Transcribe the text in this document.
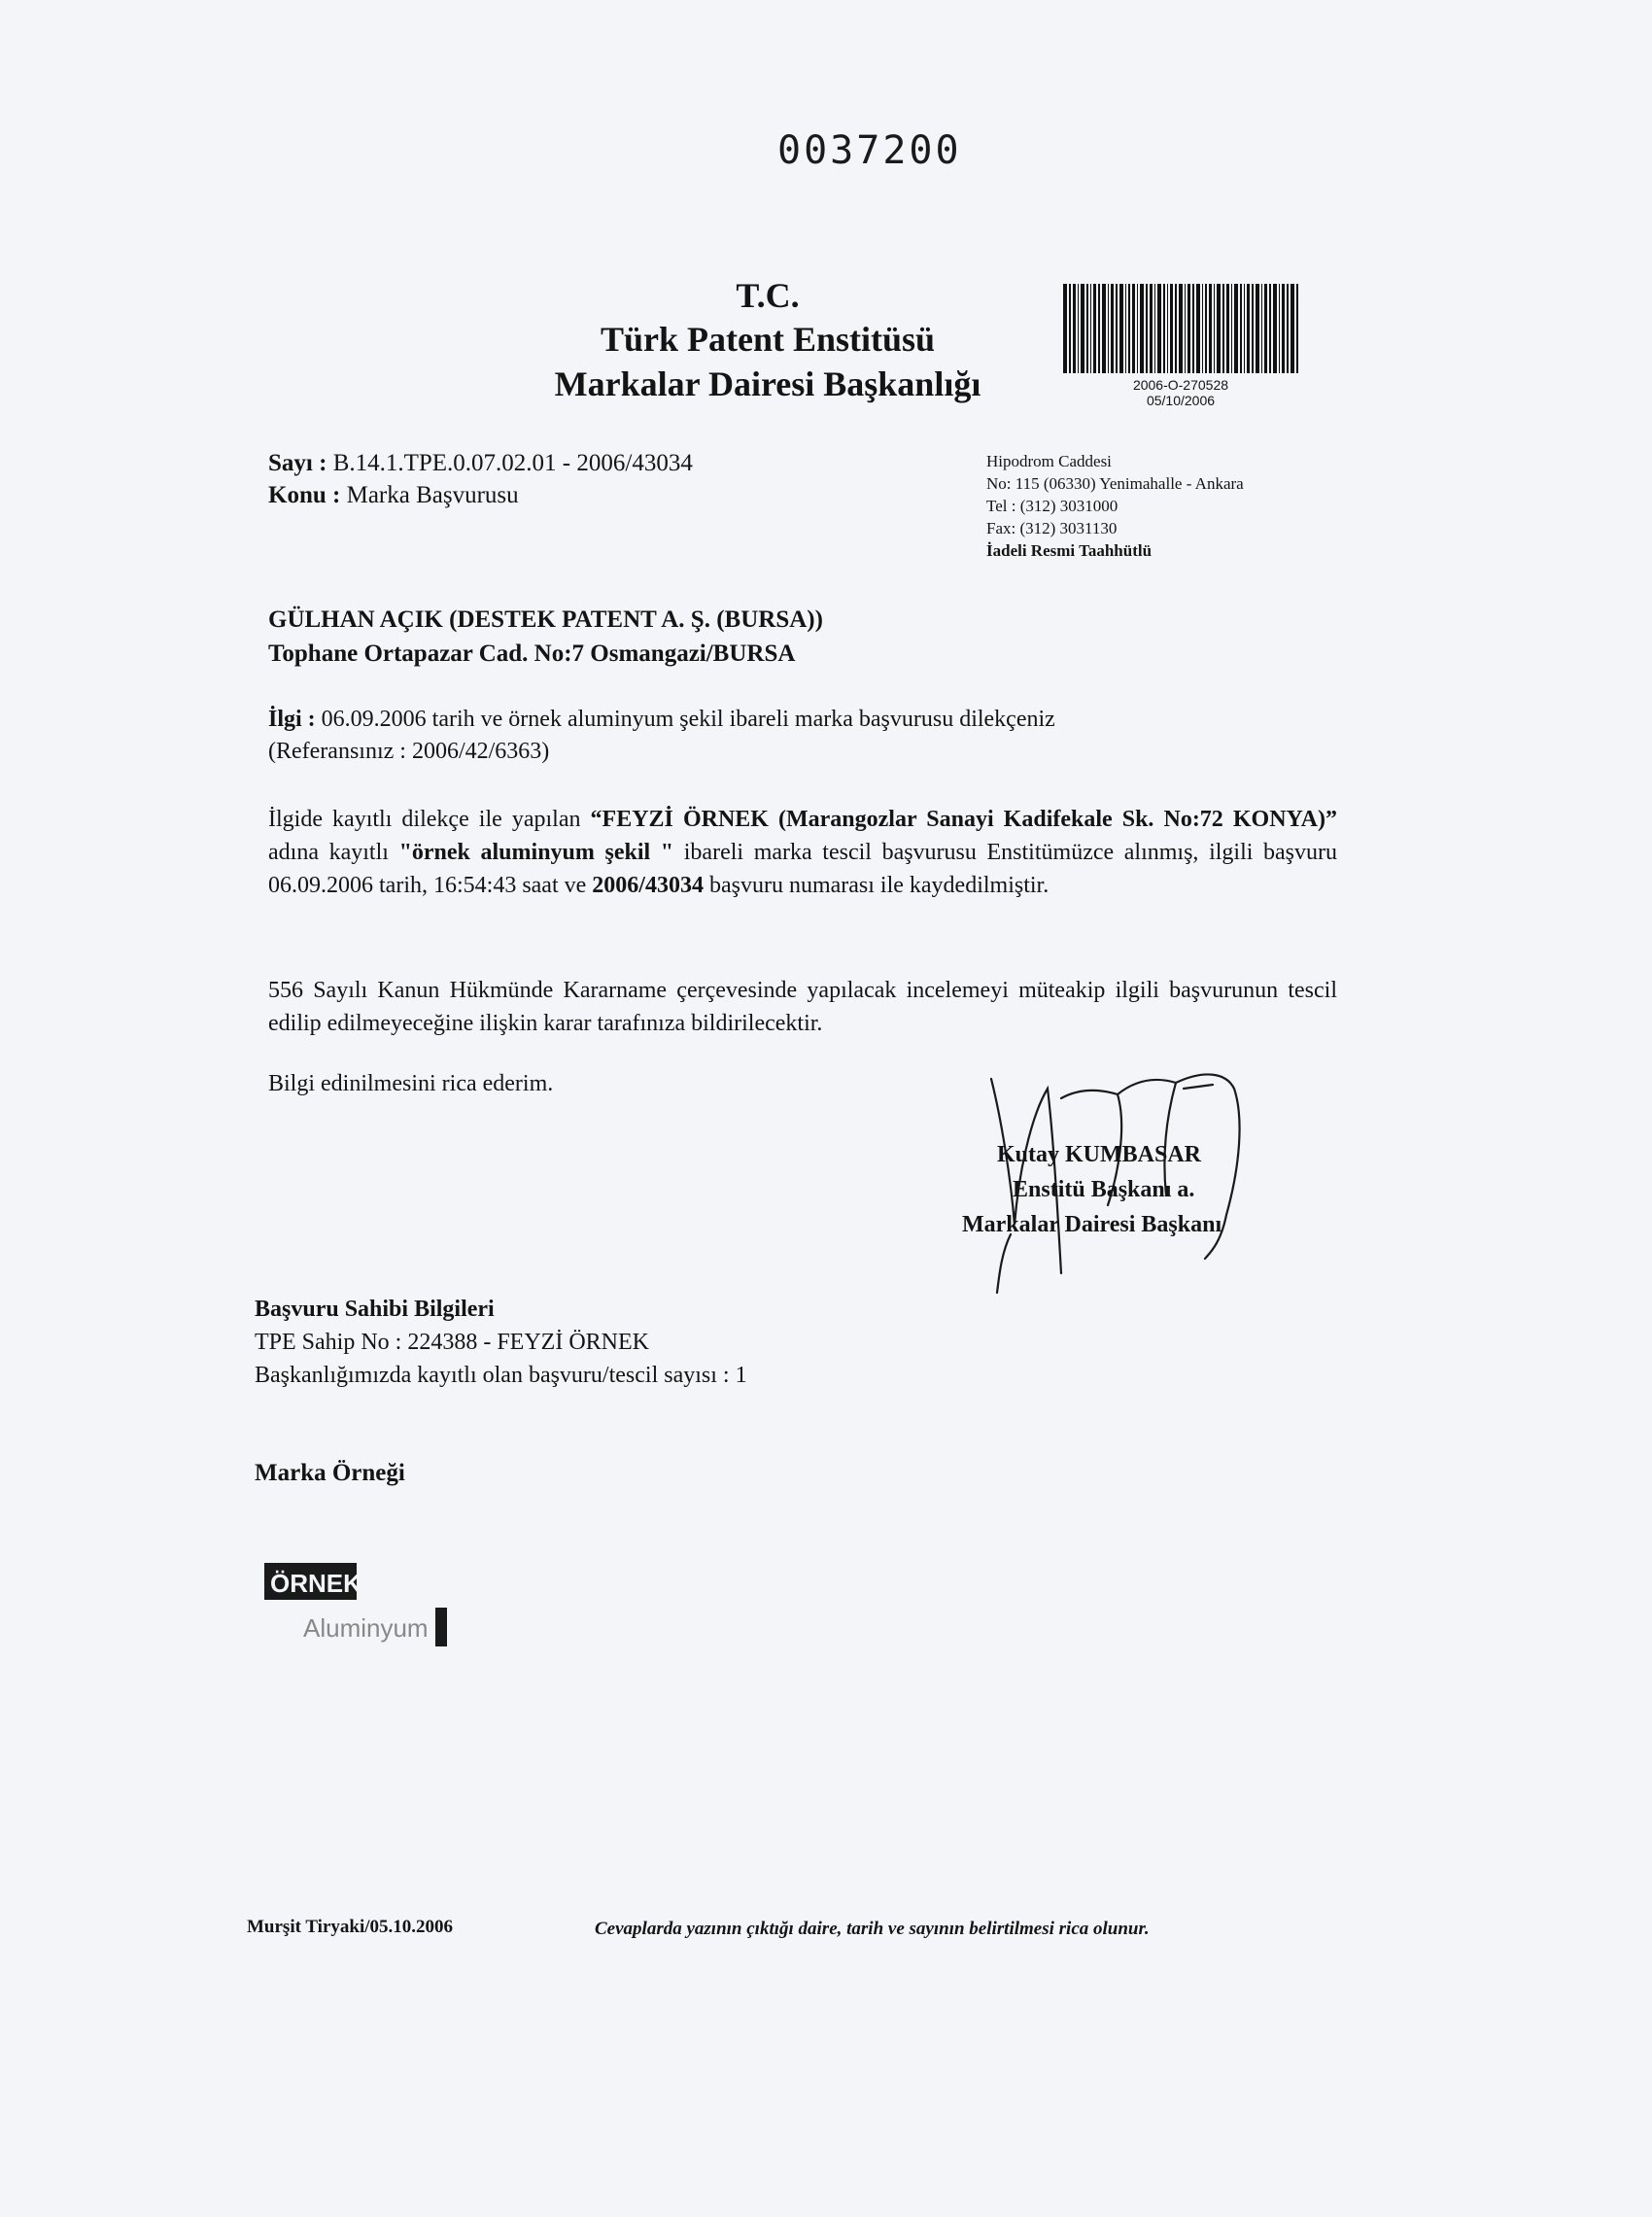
0037200
T.C.
Türk Patent Enstitüsü
Markalar Dairesi Başkanlığı	2006-O-270528
05/10/2006
Sayı : B.14.1.TPE.0.07.02.01 - 2006/43034
Konu : Marka Başvurusu
Hipodrom Caddesi
No: 115 (06330) Yenimahalle - Ankara
Tel : (312) 3031000
Fax: (312) 3031130
İadeli Resmi Taahhütlü
GÜLHAN AÇIK (DESTEK PATENT A. Ş. (BURSA))
Tophane Ortapazar Cad. No:7 Osmangazi/BURSA
İlgi : 06.09.2006 tarih ve örnek aluminyum şekil ibareli marka başvurusu dilekçeniz
(Referansınız : 2006/42/6363)
İlgide kayıtlı dilekçe ile yapılan “FEYZİ ÖRNEK (Marangozlar Sanayi Kadifekale Sk. No:72 KONYA)” adına kayıtlı "örnek aluminyum şekil " ibareli marka tescil başvurusu Enstitümüzce alınmış, ilgili başvuru 06.09.2006 tarih, 16:54:43 saat ve 2006/43034 başvuru numarası ile kaydedilmiştir.
556 Sayılı Kanun Hükmünde Kararname çerçevesinde yapılacak incelemeyi müteakip ilgili başvurunun tescil edilip edilmeyeceğine ilişkin karar tarafınıza bildirilecektir.
Bilgi edinilmesini rica ederim.
Kutay KUMBASAR
Enstitü Başkanı a.
Markalar Dairesi Başkanı
Başvuru Sahibi Bilgileri
TPE Sahip No : 224388 - FEYZİ ÖRNEK
Başkanlığımızda kayıtlı olan başvuru/tescil sayısı : 1
Marka Örneği
ÖRNEK
Aluminyum
Murşit Tiryaki/05.10.2006	Cevaplarda yazının çıktığı daire, tarih ve sayının belirtilmesi rica olunur.
